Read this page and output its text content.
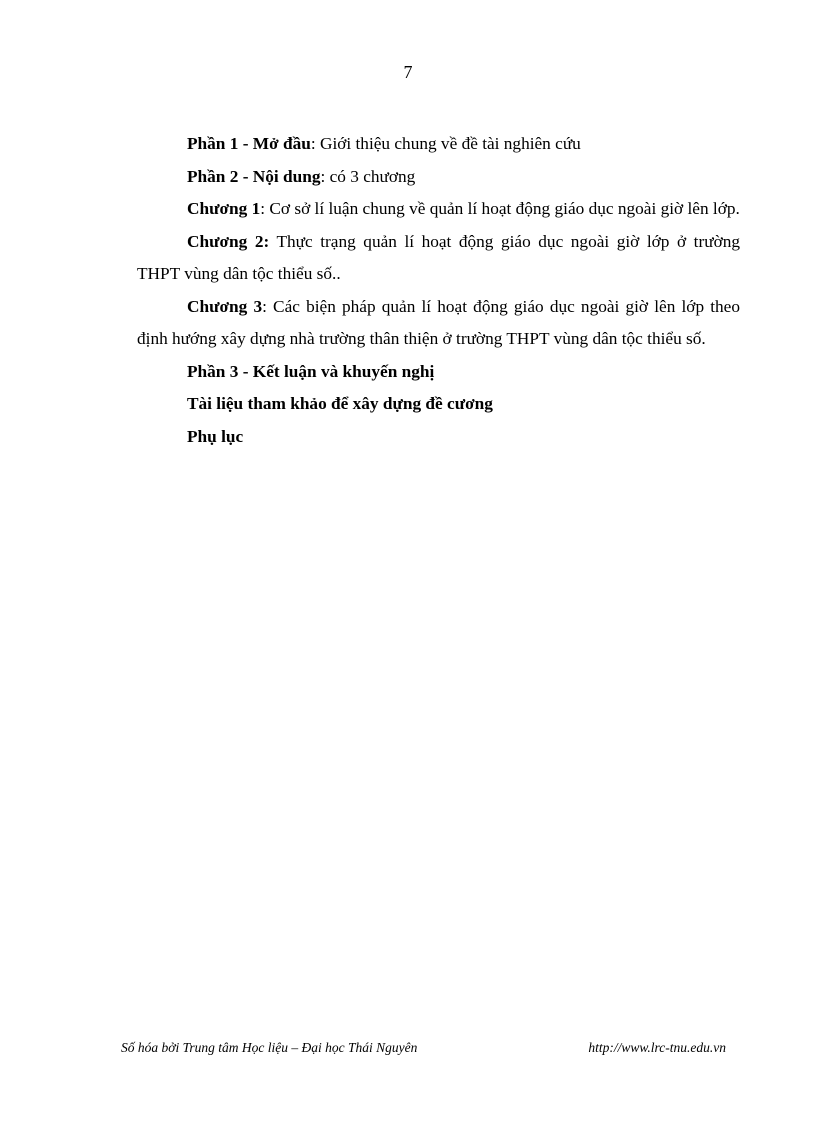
7

Phần 1 - Mở đầu: Giới thiệu chung về đề tài nghiên cứu

Phần 2 - Nội dung: có 3 chương

Chương 1: Cơ sở lí luận chung về quản lí hoạt động giáo dục ngoài giờ lên lớp.

Chương 2: Thực trạng quản lí hoạt động giáo dục ngoài giờ lớp ở trường THPT vùng dân tộc thiểu số..

Chương 3: Các biện pháp quản lí hoạt động giáo dục ngoài giờ lên lớp theo định hướng xây dựng nhà trường thân thiện ở trường THPT vùng dân tộc thiểu số.

Phần 3 - Kết luận và khuyến nghị

Tài liệu tham khảo để xây dựng đề cương

Phụ lục

Số hóa bởi Trung tâm Học liệu – Đại học Thái Nguyên	http://www.lrc-tnu.edu.vn
